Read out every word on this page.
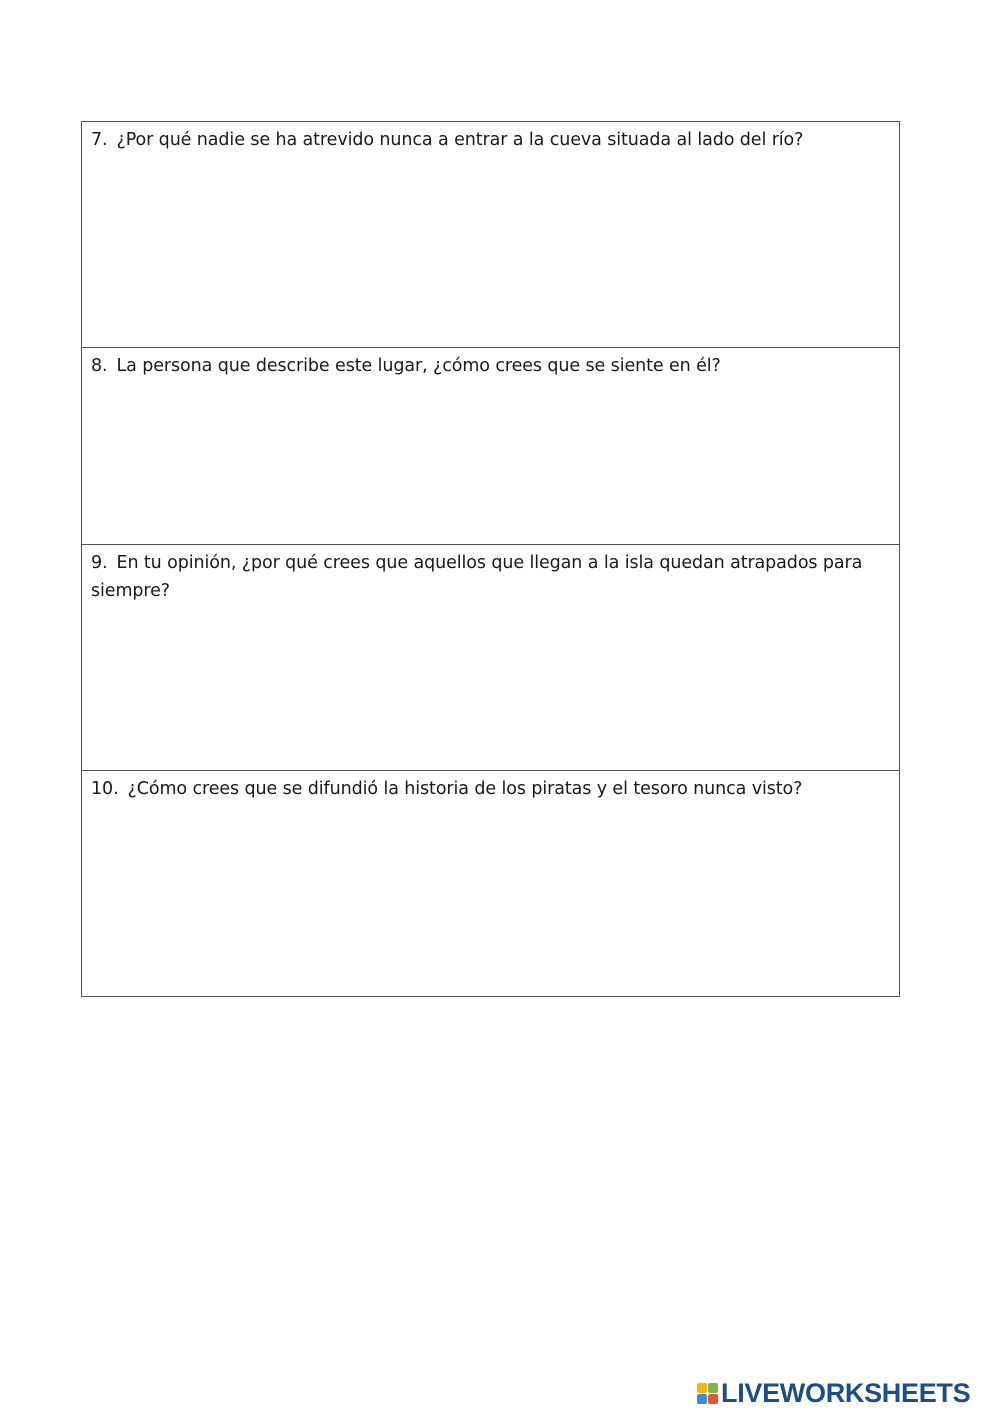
7. ¿Por qué nadie se ha atrevido nunca a entrar a la cueva situada al lado del río?
8. La persona que describe este lugar, ¿cómo crees que se siente en él?
9. En tu opinión, ¿por qué crees que aquellos que llegan a la isla quedan atrapados para siempre?
10. ¿Cómo crees que se difundió la historia de los piratas y el tesoro nunca visto?
LIVEWORKSHEETS
